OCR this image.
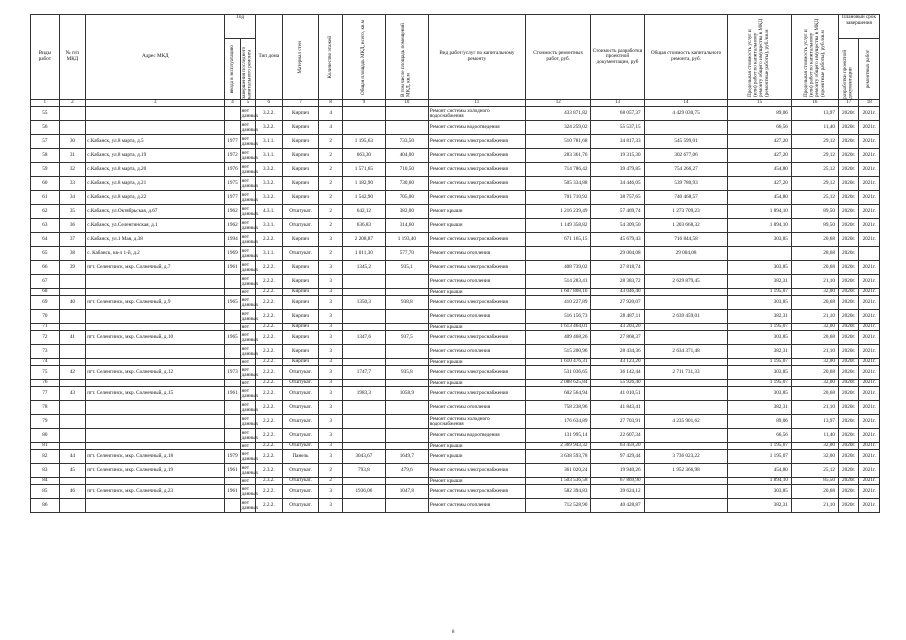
Виды работ	№ п/п МКД	Адрес МКД	Год		Тип дома	Материал стен	Количество этажей	Общая площадь МКД, всего, кв.м	В том числе площадь помещений МКД, кв.м	Вид работ/услуг по капитальному ремонту	Стоимость ремонтных работ, руб.	Стоимость разработки проектной документации, руб	Общая стоимость капитального ремонта, руб.	Предельная стоимость услуг и (или) работ по капитальному ремонту общего имущества в МКД (ремонтные работы), руб./кв.м	Предельная стоимость услуг и (или) работ по капитальному ремонту общего имущества в МКД (проектные работы), руб./кв.м	Плановый срок завершения	

			ввода в эксплуатацию	завершения последнего капитального ремонта												разработки проектной документации	ремонтных работ

1	2	3	4	5	6	7	8	9	10	11	12	13	14	15	16	17	18
55				нет данных	3.2.2.	Кирпич	4			Ремонт системы холодного водоснабжения	433 871,82	68 057,37	4 429 030,75	89,06	13,97	2020г.	2021г.
56				нет данных	3.2.2.	Кирпич	4			Ремонт системы водоотведения	324 259,02	55 537,15		66,56	11,40	2020г.	2021г.
57	30	с.Кабанск, ул.8 марта, д.5	1977	нет данных	3.1.1.	Кирпич	2	1 195,63	733,50	Ремонт системы электроснабжения	510 781,68	34 817,33	545 599,01	427,20	29,12	2020г.	2021г.
58	31	с.Кабанск, ул.8 марта, д.19	1972	нет данных	3.1.1.	Кирпич	2	663,30	404,00	Ремонт системы электроснабжения	283 361,76	19 315,30	302 677,06	427,20	29,12	2020г.	2021г.
59	32	с.Кабанск, ул.8 марта, д.20	1976	нет данных	3.3.2.	Кирпич	2	1 571,65	710,50	Ремонт системы электроснабжения	714 786,42	39 479,85	754 266,27	454,80	25,12	2020г.	2021г.
60	33	с.Кабанск, ул.8 марта, д.21	1975	нет данных	3.3.2.	Кирпич	2	1 182,90	730,60	Ремонт системы электроснабжения	505 334,88	34 446,05	539 780,93	427,20	29,12	2020г.	2021г.
61	34	с.Кабанск, ул.8 марта, д.22	1977	нет данных	3.3.2.	Кирпич	2	1 542,90	705,00	Ремонт системы электроснабжения	701 710,92	38 757,65	740 468,57	454,80	25,12	2020г.	2021г.
62	35	с.Кабанск, ул.Октябрьская, д.67	1962	нет данных	4.3.1.	Отштукат.	2	642,12	382,00	Ремонт крыши	1 216 239,49	57 469,74	1 273 709,23	1 894,10	89,50	2020г.	2021г.
63	36	с.Кабанск, ул.Селенгинская, д.1	1962	нет данных	3.3.1.	Отштукат.	2	636,83	314,60	Ремонт крыши	1 149 358,82	54 309,50	1 203 668,32	1 894,10	89,50	2020г.	2021г.
64	37	с.Кабанск, ул.1 Мая, д.38	1994	нет данных	2.2.2.	Кирпич	3	2 208,87	1 193,40	Ремонт системы электроснабжения	671 165,15	45 679,43	716 844,58	303,85	20,68	2020г.	2021г.
65	38	с. Кабанск, кв-л 1-й, д.2	1969	нет данных	3.1.1.	Отштукат.	2	1 011,30	577,70	Ремонт системы отопления		29 004,08	29 004,08		28,68	2020г.	
66	39	пгт. Селенгинск, мкр. Солнечный, д.7	1961	нет данных	2.2.2.	Кирпич	3	1345,2	935,1	Ремонт системы электроснабжения	408 739,02	27 818,74		303,85	20,68	2020г.	2021г.
67				нет данных	2.2.2.	Кирпич	3			Ремонт системы отопления	514 283,41	28 383,72	2 629 879,45	382,31	21,10	2020г.	2021г.
68				нет	2.2.2.	Кирпич	3			Ремонт крыши	1 607 808,16	43 046,40		1 195,07	32,00	2020г.	2021г.
69	40	пгт. Селенгинск, мкр. Солнечный, д.9	1965	нет данных	2.2.2.	Кирпич	3	1350,3	938,8	Ремонт системы электроснабжения	410 227,89	27 920,07		303,85	20,68	2020г.	2021г.
70				нет данных	2.2.2.	Кирпич	3			Ремонт системы отопления	516 156,73	28 487,11	2 639 459,01	382,31	21,10	2020г.	2021г.
71				нет	2.2.2.	Кирпич	3			Ремонт крыши	1 613 464,01	43 203,20		1 195,07	32,00	2020г.	2021г.
72	41	пгт. Селенгинск, мкр. Солнечный, д.10	1965	нет данных	2.2.2.	Кирпич	3	1347,6	937,5	Ремонт системы электроснабжения	409 468,26	27 868,37		303,85	20,68	2020г.	2021г.
73				нет данных	2.2.2.	Кирпич	3			Ремонт системы отопления	515 200,96	28 434,36	2 634 371,48	382,31	21,10	2020г.	2021г.
74				нет	2.2.2.	Кирпич	3			Ремонт крыши	1 610 476,31	43 123,20		1 195,07	32,00	2020г.	2021г.
75	42	пгт. Селенгинск, мкр. Солнечный, д.12	1973	нет данных	2.2.2.	Отштукат.	3	1747,7	935,8	Ремонт системы электроснабжения	531 036,65	36 142,44	2 711 731,33	303,85	20,68	2020г.	2021г.
76				нет	2.2.2.	Отштукат.	3			Ремонт крыши	2 088 625,84	55 926,40		1 195,07	32,00	2020г.	2021г.
77	43	пгт. Селенгинск, мкр. Солнечный, д.15	1961	нет данных	2.2.2.	Отштукат.	3	1983,3	1058,9	Ремонт системы электроснабжения	602 564,94	41 010,51		303,85	20,68	2020г.	2021г.
78				нет данных	2.2.2.	Отштукат.	3			Ремонт системы отопления	758 238,96	41 843,41		382,31	21,10	2020г.	2021г.
79				нет данных	2.2.2.	Отштукат.	3			Ремонт системы холодного водоснабжения	176 634,89	27 703,91	4 235 901,62	89,06	13,97	2020г.	2021г.
80				нет данных	2.2.2.	Отштукат.	3			Ремонт системы водоотведения	131 995,14	22 607,34		66,56	11,40	2020г.	2021г.
81				нет	2.2.2.	Отштукат.	3			Ремонт крыши	2 369 943,32	63 459,20		1 195,07	32,00	2020г.	2021г.
82	44	пгт. Селенгинск, мкр. Солнечный, д.18	1979	нет данных	2.2.2.	Панель	3	3043,67	1649,7	Ремонт крыши	3 638 593,78	97 429,44	3 736 023,22	1 195,07	32,00	2020г.	2021г.
83	45	пгт. Селенгинск, мкр. Солнечный, д.19	1961	нет данных	2.3.2.	Отштукат.	2	793,8	479,6	Ремонт системы электроснабжения	361 020,24	19 940,26	1 952 366,98	454,80	25,12	2020г.	2021г.
84				нет	2.3.2.	Отштукат.	2			Ремонт крыши	1 503 536,58	67 869,90		1 894,10	85,50	2020г.	2021г.
85	46	пгт. Селенгинск, мкр. Солнечный, д.23	1961	нет данных	2.2.2.	Отштукат.	3	1936,06	1047,8	Ремонт системы электроснабжения	582 394,83	39 624,12		303,85	20,68	2020г.	2021г.
86				нет данных	2.2.2.	Отштукат.	3			Ремонт системы отопления	712 528,90	40 428,87		382,31	21,10	2020г.	2021г.
8
